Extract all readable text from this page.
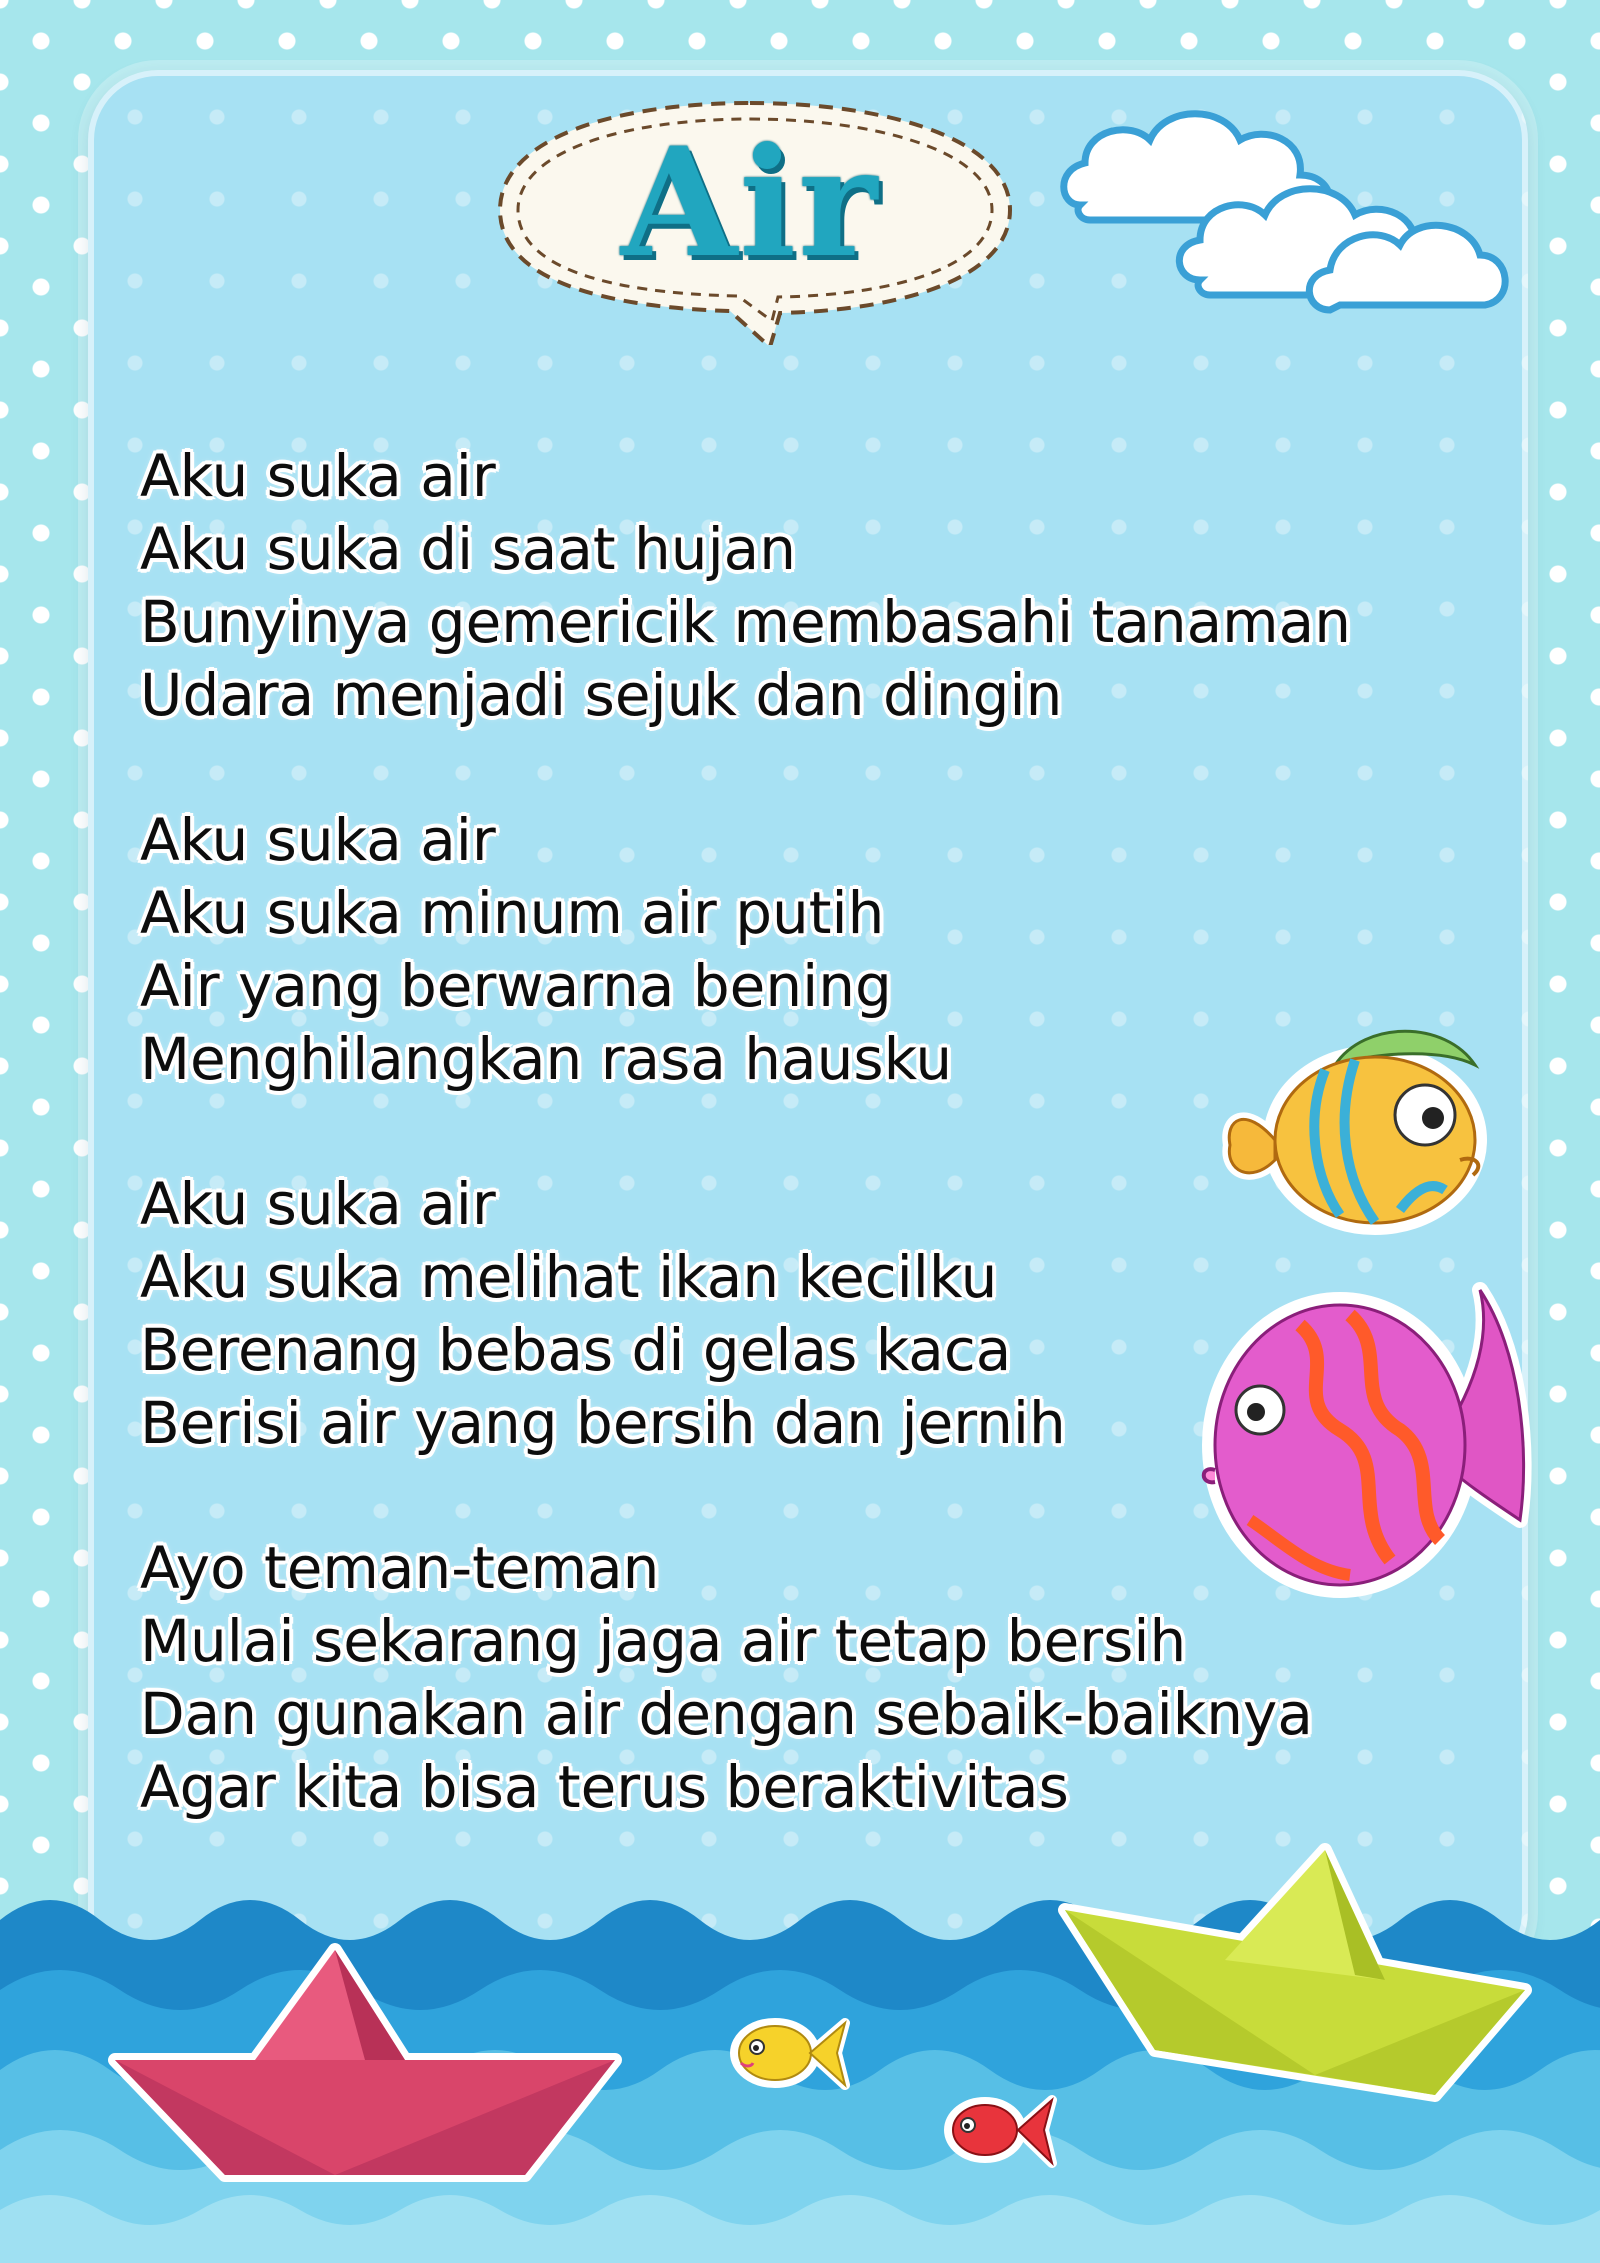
Air
Aku suka air
Aku suka di saat hujan
Bunyinya gemericik membasahi tanaman
Udara menjadi sejuk dan dingin
Aku suka air
Aku suka minum air putih
Air yang berwarna bening
Menghilangkan rasa hausku
Aku suka air
Aku suka melihat ikan kecilku
Berenang bebas di gelas kaca
Berisi air yang bersih dan jernih
Ayo teman-teman
Mulai sekarang jaga air tetap bersih
Dan gunakan air dengan sebaik-baiknya
Agar kita bisa terus beraktivitas
